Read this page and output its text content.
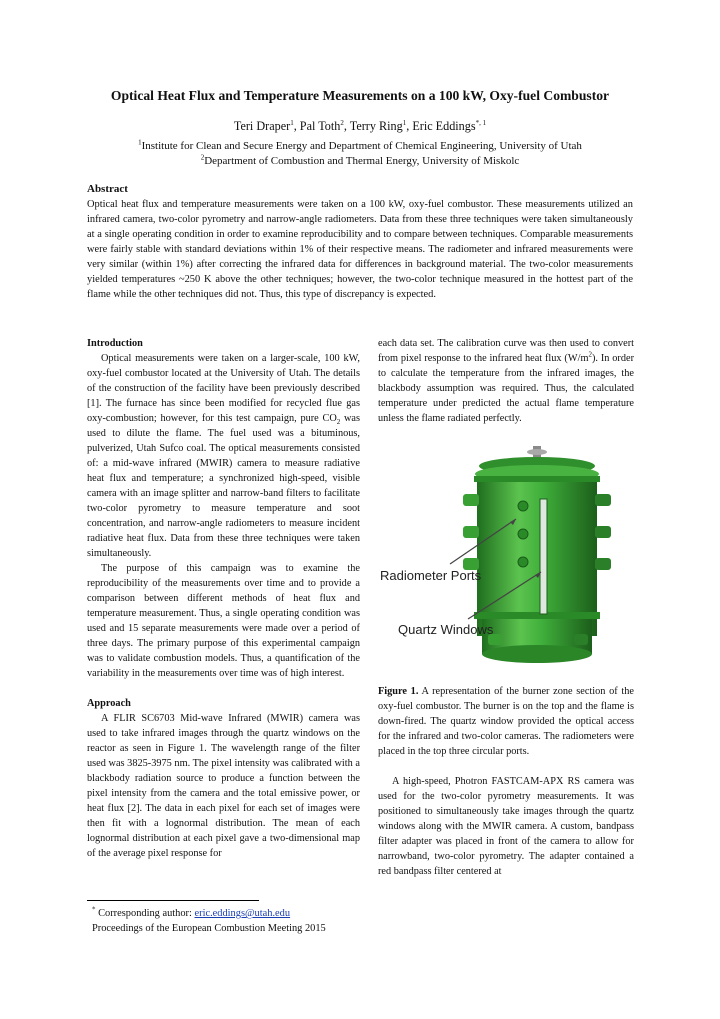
Optical Heat Flux and Temperature Measurements on a 100 kW, Oxy-fuel Combustor
Teri Draper$^1$, Pal Toth$^2$, Terry Ring$^1$, Eric Eddings$^{*, 1}$
$^1$Institute for Clean and Secure Energy and Department of Chemical Engineering, University of Utah
$^2$Department of Combustion and Thermal Energy, University of Miskolc
Abstract

Optical heat flux and temperature measurements were taken on a 100 kW, oxy-fuel combustor. These measurements utilized an infrared camera, two-color pyrometry and narrow-angle radiometers. Data from these three techniques were taken simultaneously at a single operating condition in order to examine reproducibility and to compare between techniques. Comparable measurements were fairly stable with standard deviations within 1% of their respective means. The radiometer and infrared measurements were very similar (within 1%) after correcting the infrared data for differences in background material. The two-color measurements yielded temperatures ~250 K above the other techniques; however, the two-color technique measured in the hottest part of the flame while the other techniques did not. Thus, this type of discrepancy is expected.

Introduction

Optical measurements were taken on a larger-scale, 100 kW, oxy-fuel combustor located at the University of Utah. The details of the construction of the facility have been previously described [1]. The furnace has since been modified for recycled flue gas oxy-combustion; however, for this test campaign, pure $CO_2$ was used to dilute the flame. The fuel used was a bituminous, pulverized, Utah Sufco coal. The optical measurements consisted of: a mid-wave infrared (MWIR) camera to measure radiative heat flux and temperature; a synchronized high-speed, visible camera with an image splitter and narrow-band filters to facilitate two-color pyrometry to measure temperature and soot concentration, and narrow-angle radiometers to measure incident radiative heat flux. Data from these three techniques were taken simultaneously.

The purpose of this campaign was to examine the reproducibility of the measurements over time and to provide a comparison between different methods of heat flux and temperature measurement. Thus, a single operating condition was used and 15 separate measurements were made over a period of three days. The primary purpose of this experimental campaign was to validate combustion models. Thus, a quantification of the variability in the measurements over time was of high interest.

Approach

A FLIR SC6703 Mid-wave Infrared (MWIR) camera was used to take infrared images through the quartz windows on the reactor as seen in Figure 1. The wavelength range of the filter used was 3825-3975 nm. The pixel intensity was calibrated with a blackbody radiation source to produce a function between the pixel intensity from the camera and the total emissive power, or heat flux [2]. The data in each pixel for each set of images were then fit with a lognormal distribution. The mean of each lognormal distribution at each pixel gave a two-dimensional map of the average pixel response for

each data set. The calibration curve was then used to convert from pixel response to the infrared heat flux $(W/m^2)$. In order to calculate the temperature from the infrared images, the blackbody assumption was required. Thus, the calculated temperature under predicted the actual flame temperature unless the flame radiated perfectly.

Radiometer Ports
Quartz Windows

Figure 1. A representation of the burner zone section of the oxy-fuel combustor. The burner is on the top and the flame is down-fired. The quartz window provided the optical access for the infrared and two-color cameras. The radiometers were placed in the top three circular ports.

A high-speed, Photron FASTCAM-APX RS camera was used for the two-color pyrometry measurements. It was positioned to simultaneously take images through the quartz windows along with the MWIR camera. A custom, bandpass filter adapter was placed in front of the camera to allow for narrowband, two-color pyrometry. The adapter contained a red bandpass filter centered at

* Corresponding author: eric.eddings@utah.edu
Proceedings of the European Combustion Meeting 2015
